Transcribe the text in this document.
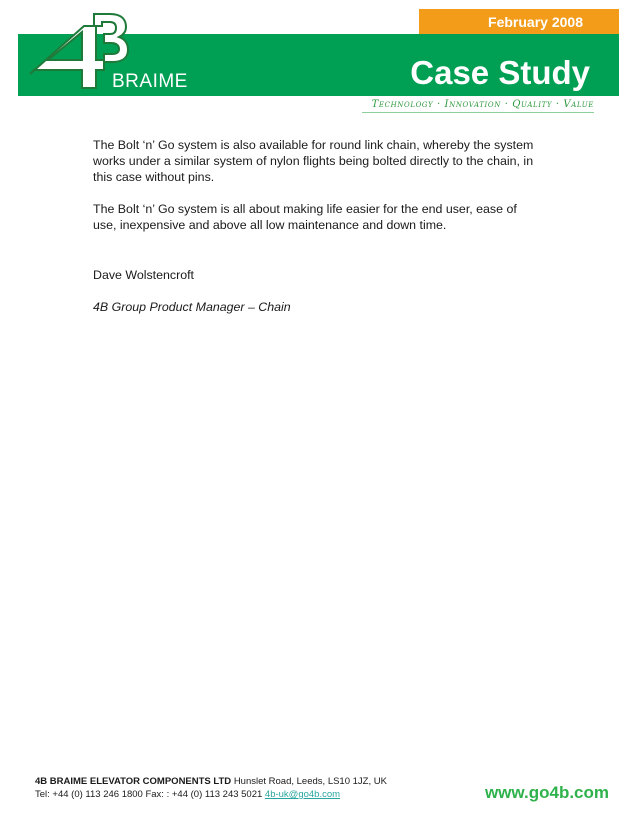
February 2008
BRAIME	Case Study
Technology · Innovation · Quality · Value

The Bolt ‘n’ Go system is also available for round link chain, whereby the system works under a similar system of nylon flights being bolted directly to the chain, in this case without pins.

The Bolt ‘n’ Go system is all about making life easier for the end user, ease of use, inexpensive and above all low maintenance and down time.

Dave Wolstencroft

4B Group Product Manager – Chain

4B BRAIME ELEVATOR COMPONENTS LTD Hunslet Road, Leeds, LS10 1JZ, UK
Tel: +44 (0) 113 246 1800 Fax: : +44 (0) 113 243 5021 4b-uk@go4b.com	www.go4b.com
